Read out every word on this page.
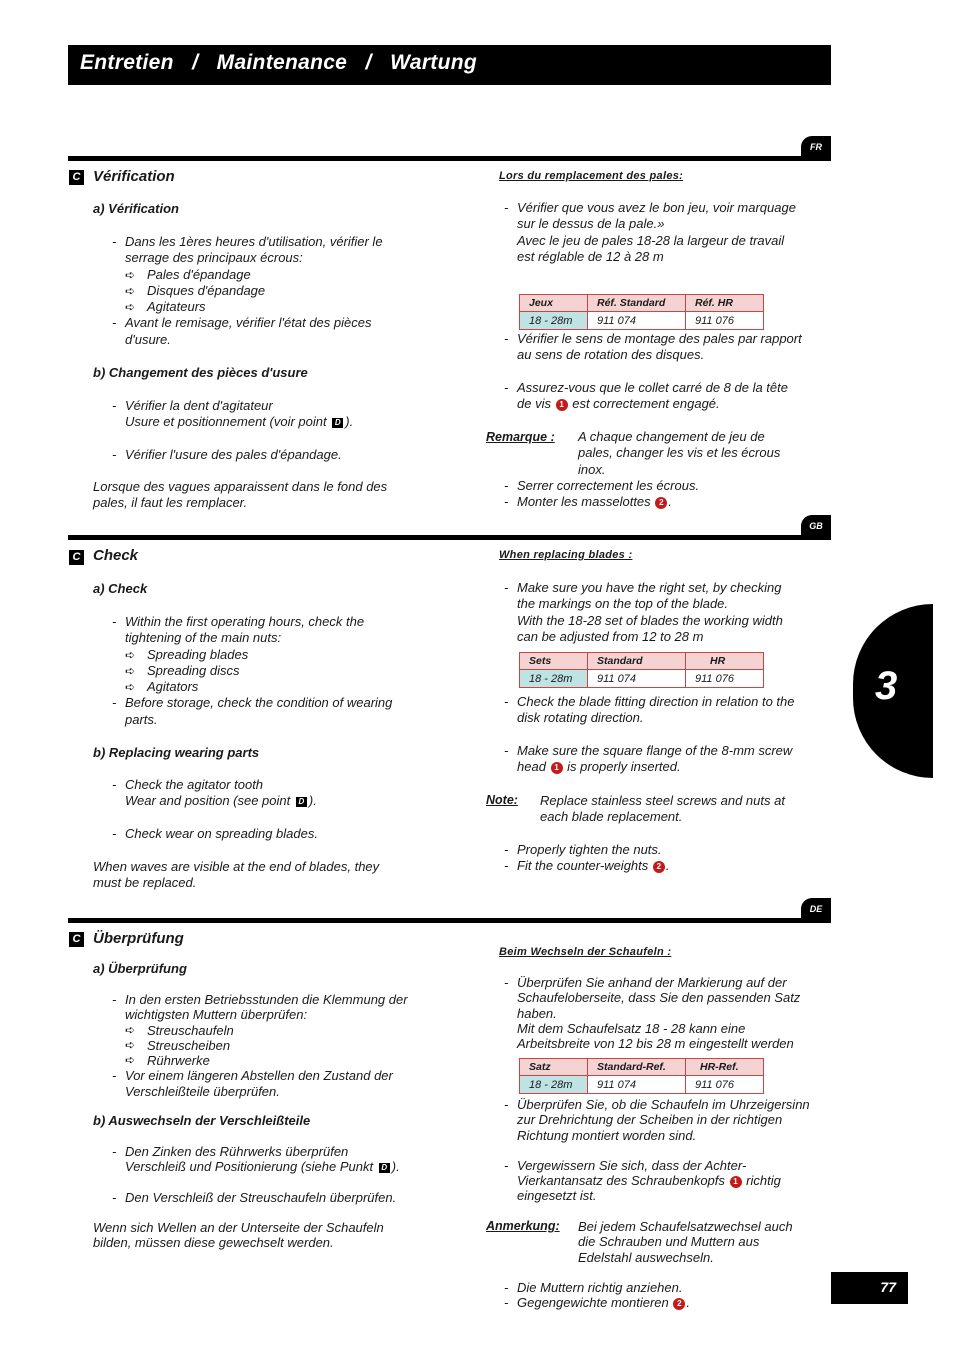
Entretien   /   Maintenance   /   Wartung
FR
C Vérification
a) Vérification
- Dans les 1ères heures d'utilisation, vérifier le
serrage des principaux écrous:
➪ Pales d'épandage
➪ Disques d'épandage
➪ Agitateurs
- Avant le remisage, vérifier l'état des pièces
d'usure.
b) Changement des pièces d'usure
- Vérifier la dent d'agitateur
Usure et positionnement (voir point D ).
- Vérifier l'usure des pales d'épandage.
Lorsque des vagues apparaissent dans le fond des
pales, il faut les remplacer.
Lors du remplacement des pales:
- Vérifier que vous avez le bon jeu, voir marquage
sur le dessus de la pale.»
Avec le jeu de pales 18-28 la largeur de travail
est réglable de 12 à 28 m
Jeux	Réf. Standard	Réf. HR
18 - 28m	911 074	911 076
- Vérifier le sens de montage des pales par rapport
au sens de rotation des disques.
- Assurez-vous que le collet carré de 8 de la tête
de vis 1 est correctement engagé.
Remarque : A chaque changement de jeu de
pales, changer les vis et les écrous
inox.
- Serrer correctement les écrous.
- Monter les masselottes 2 .
GB
C Check
a) Check
- Within the first operating hours, check the
tightening of the main nuts:
➪ Spreading blades
➪ Spreading discs
➪ Agitators
- Before storage, check the condition of wearing
parts.
b) Replacing wearing parts
- Check the agitator tooth
Wear and position (see point D ).
- Check wear on spreading blades.
When waves are visible at the end of blades, they
must be replaced.
When replacing blades :
- Make sure you have the right set, by checking
the markings on the top of the blade.
With the 18-28 set of blades the working width
can be adjusted from 12 to 28 m
Sets	Standard	HR
18 - 28m	911 074	911 076
- Check the blade fitting direction in relation to the
disk rotating direction.
- Make sure the square flange of the 8-mm screw
head 1 is properly inserted.
Note: Replace stainless steel screws and nuts at
each blade replacement.
- Properly tighten the nuts.
- Fit the counter-weights 2 .
DE
C Überprüfung
a) Überprüfung
- In den ersten Betriebsstunden die Klemmung der
wichtigsten Muttern überprüfen:
➪ Streuschaufeln
➪ Streuscheiben
➪ Rührwerke
- Vor einem längeren Abstellen den Zustand der
Verschleißteile überprüfen.
b) Auswechseln der Verschleißteile
- Den Zinken des Rührwerks überprüfen
Verschleiß und Positionierung (siehe Punkt D ).
- Den Verschleiß der Streuschaufeln überprüfen.
Wenn sich Wellen an der Unterseite der Schaufeln
bilden, müssen diese gewechselt werden.
Beim Wechseln der Schaufeln :
- Überprüfen Sie anhand der Markierung auf der
Schaufeloberseite, dass Sie den passenden Satz
haben.
Mit dem Schaufelsatz 18 - 28 kann eine
Arbeitsbreite von 12 bis 28 m eingestellt werden
Satz	Standard-Ref.	HR-Ref.
18 - 28m	911 074	911 076
- Überprüfen Sie, ob die Schaufeln im Uhrzeigersinn
zur Drehrichtung der Scheiben in der richtigen
Richtung montiert worden sind.
- Vergewissern Sie sich, dass der Achter-
Vierkantansatz des Schraubenkopfs 1 richtig
eingesetzt ist.
Anmerkung: Bei jedem Schaufelsatzwechsel auch
die Schrauben und Muttern aus
Edelstahl auswechseln.
- Die Muttern richtig anziehen.
- Gegengewichte montieren 2 .
3
77
